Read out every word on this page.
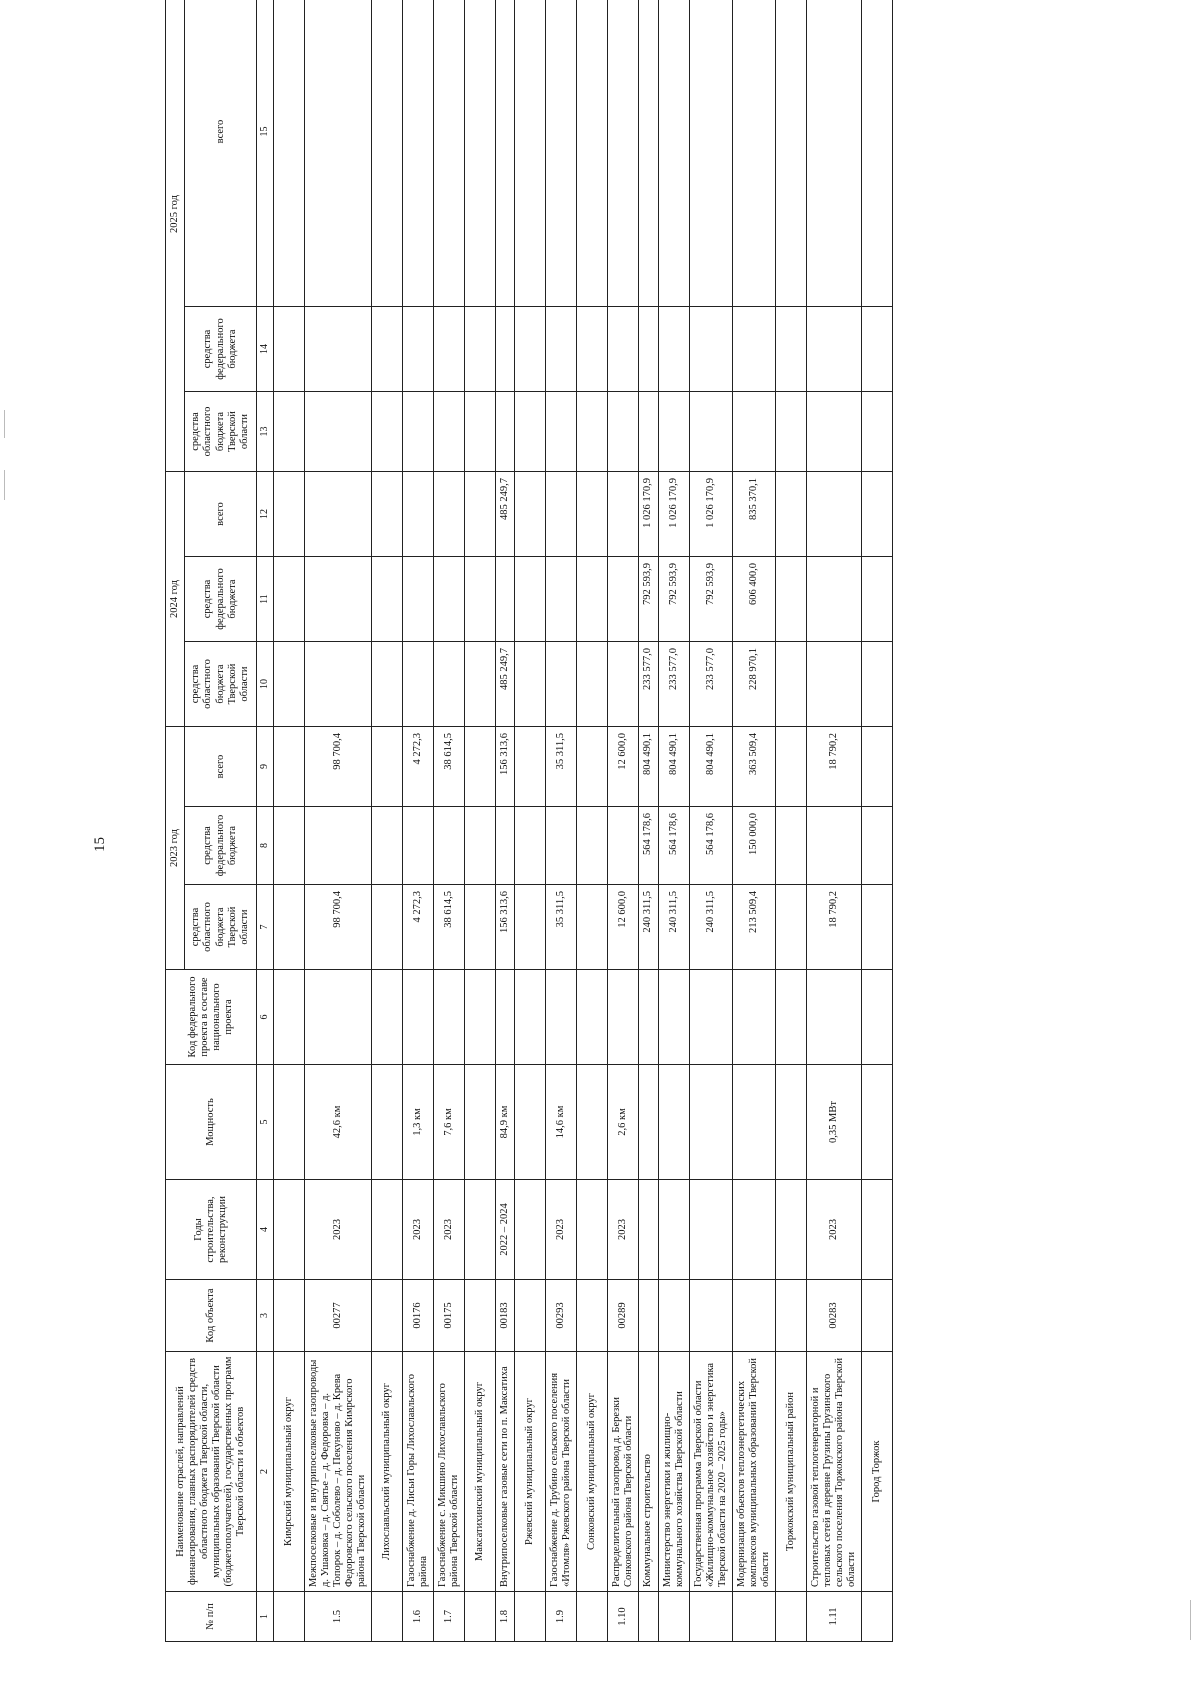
15
№ п/п	Наименование отраслей, направлений финансирования, главных распорядителей средств областного бюджета Тверской области, муниципальных образований Тверской области (бюджетополучателей), государственных программ Тверской области и объектов	Код объекта	Годы строительства, реконструкции	Мощность	Код федерального проекта в составе национального проекта	2023 год			2024 год			2025 год		
						средства областного бюджета Тверской области	средства федерального бюджета	всего	средства областного бюджета Тверской области	средства федерального бюджета	всего	средства областного бюджета Тверской области	средства федерального бюджета	всего
1	2	3	4	5	6	7	8	9	10	11	12	13	14	15
	Кимрский муниципальный округ													
1.5	Межпоселковые и внутрипоселковые газопроводы д. Ушаковка – д. Святье – д. Федоровка – д. Топорок – д. Соболево – д. Пекуново – д. Крева Федоровского сельского поселения Кимрского района Тверской области	00277	2023	42,6 км		98 700,4		98 700,4						
	Лихославльский муниципальный округ													
1.6	Газоснабжение д. Лисьи Горы Лихославльского района	00176	2023	1,3 км		4 272,3		4 272,3						
1.7	Газоснабжение с. Микшино Лихославльского района Тверской области	00175	2023	7,6 км		38 614,5		38 614,5						
	Максатихинский муниципальный округ													
1.8	Внутрипоселковые газовые сети по п. Максатиха	00183	2022 – 2024	84,9 км		156 313,6		156 313,6	485 249,7		485 249,7			
	Ржевский муниципальный округ													
1.9	Газоснабжение д. Трубино сельского поселения «Итомля» Ржевского района Тверской области	00293	2023	14,6 км		35 311,5		35 311,5						
	Сонковский муниципальный округ													
1.10	Распределительный газопровод д. Березки Сонковского района Тверской области	00289	2023	2,6 км		12 600,0		12 600,0						
	Коммунальное строительство					240 311,5	564 178,6	804 490,1	233 577,0	792 593,9	1 026 170,9			
	Министерство энергетики и жилищно-коммунального хозяйства Тверской области					240 311,5	564 178,6	804 490,1	233 577,0	792 593,9	1 026 170,9			
	Государственная программа Тверской области «Жилищно-коммунальное хозяйство и энергетика Тверской области на 2020 – 2025 годы»					240 311,5	564 178,6	804 490,1	233 577,0	792 593,9	1 026 170,9			
	Модернизация объектов теплоэнергетических комплексов муниципальных образований Тверской области					213 509,4	150 000,0	363 509,4	228 970,1	606 400,0	835 370,1			
	Торжокский муниципальный район													
1.11	Строительство газовой теплогенераторной и тепловых сетей в деревне Грузины Грузинского сельского поселения Торжокского района Тверской области	00283	2023	0,35 МВт		18 790,2		18 790,2						
	Город Торжок													
